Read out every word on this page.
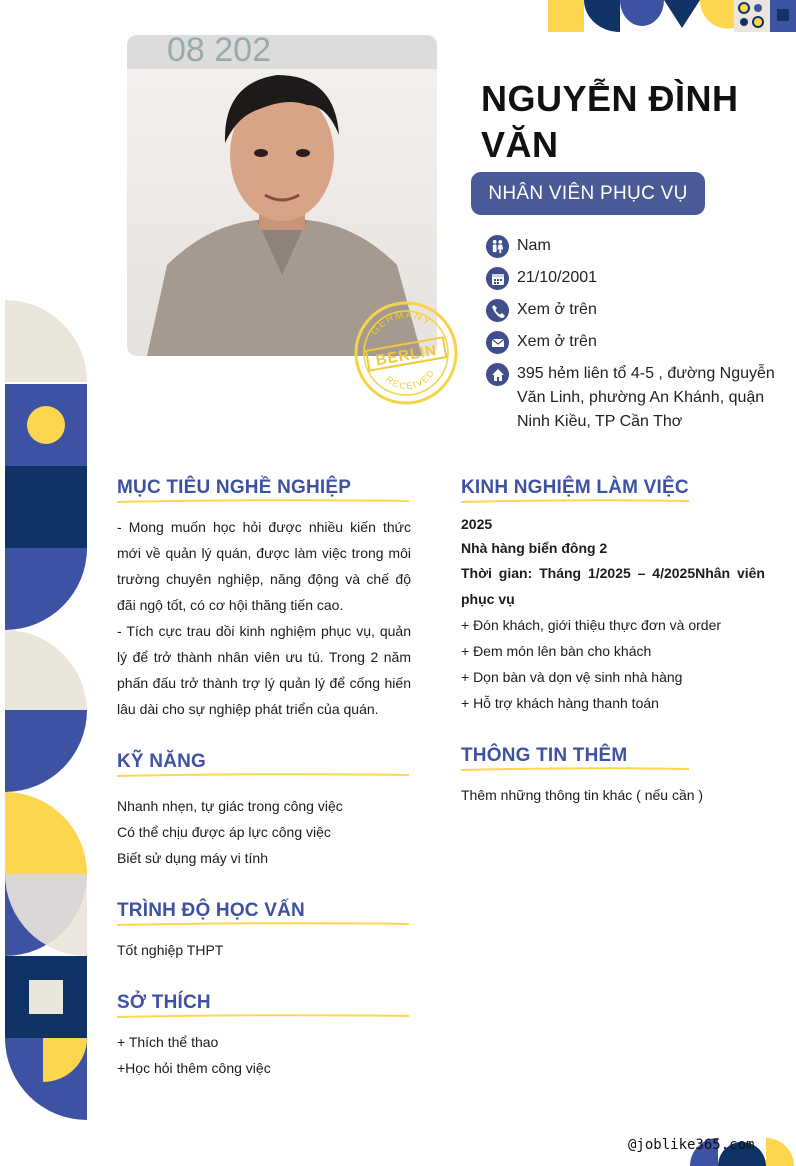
08 202
GERMANY
BERLIN
RECEIVED
NGUYỄN ĐÌNH VĂN
NHÂN VIÊN PHỤC VỤ
Nam
21/10/2001
Xem ở trên
Xem ở trên
395 hẻm liên tổ 4-5 , đường Nguyễn Văn Linh, phường An Khánh, quận Ninh Kiều, TP Cần Thơ
MỤC TIÊU NGHỀ NGHIỆP
- Mong muốn học hỏi được nhiều kiến thức mới về quản lý quán, được làm việc trong môi trường chuyên nghiệp, năng động và chế độ đãi ngộ tốt, có cơ hội thăng tiến cao.
- Tích cực trau dồi kinh nghiệm phục vụ, quản lý để trở thành nhân viên ưu tú. Trong 2 năm phấn đấu trở thành trợ lý quản lý để cống hiến lâu dài cho sự nghiệp phát triển của quán.
KỸ NĂNG
Nhanh nhẹn, tự giác trong công việc
Có thể chịu được áp lực công việc
Biết sử dụng máy vi tính
TRÌNH ĐỘ HỌC VẤN
Tốt nghiệp THPT
SỞ THÍCH
+ Thích thể thao
+Học hỏi thêm công việc
KINH NGHIỆM LÀM VIỆC
2025
Nhà hàng biển đông 2
Thời gian: Tháng 1/2025 – 4/2025Nhân viên phục vụ
+ Đón khách, giới thiệu thực đơn và order
+ Đem món lên bàn cho khách
+ Dọn bàn và dọn vệ sinh nhà hàng
+ Hỗ trợ khách hàng thanh toán
THÔNG TIN THÊM
Thêm những thông tin khác ( nếu cần )
@joblike365.com
